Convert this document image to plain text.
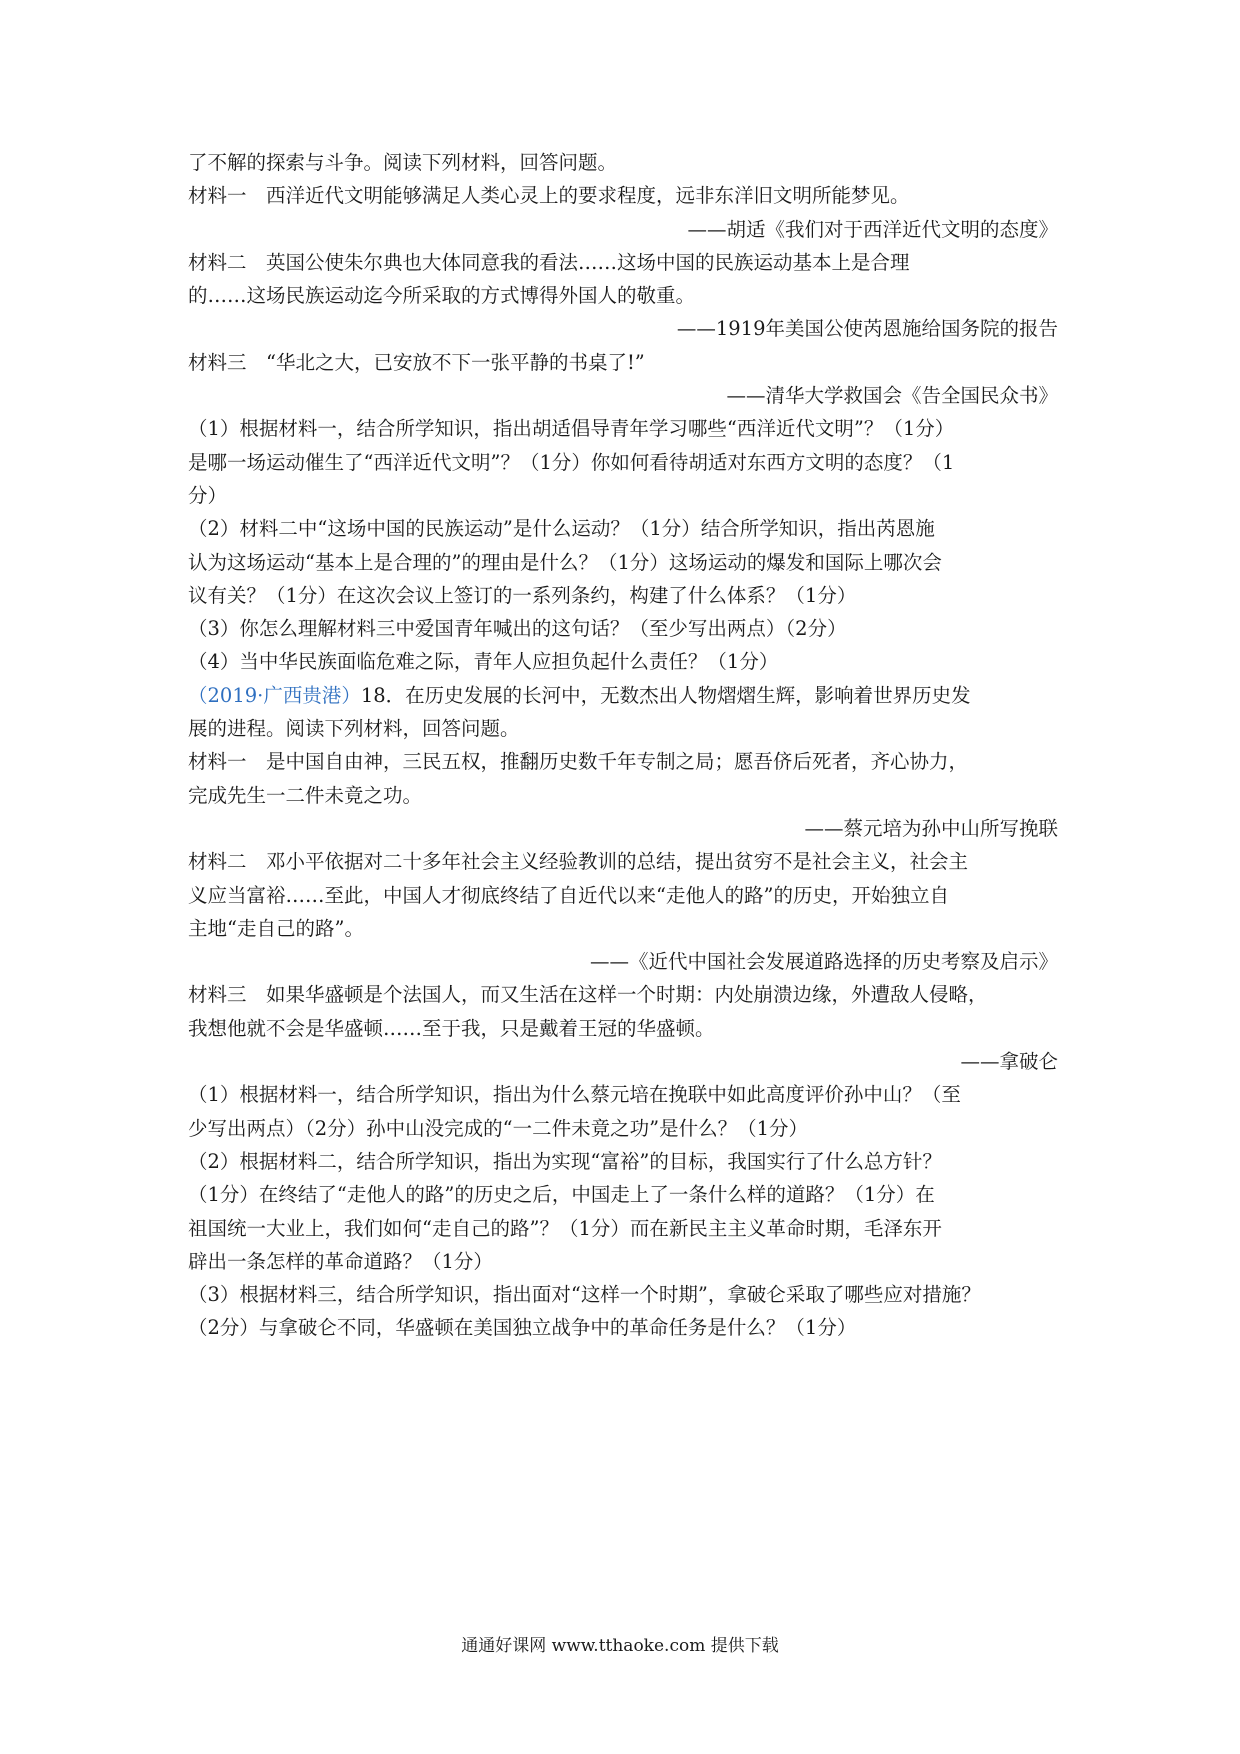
了不解的探索与斗争。阅读下列材料，回答问题。

材料一　西洋近代文明能够满足人类心灵上的要求程度，远非东洋旧文明所能梦见。

——胡适《我们对于西洋近代文明的态度》

材料二　英国公使朱尔典也大体同意我的看法……这场中国的民族运动基本上是合理

的……这场民族运动迄今所采取的方式博得外国人的敬重。

——1919年美国公使芮恩施给国务院的报告

材料三　“华北之大，已安放不下一张平静的书桌了!”

——清华大学救国会《告全国民众书》

（1）根据材料一，结合所学知识，指出胡适倡导青年学习哪些“西洋近代文明”？（1分）

是哪一场运动催生了“西洋近代文明”？（1分）你如何看待胡适对东西方文明的态度？（1

分）

（2）材料二中“这场中国的民族运动”是什么运动？（1分）结合所学知识，指出芮恩施

认为这场运动“基本上是合理的”的理由是什么？（1分）这场运动的爆发和国际上哪次会

议有关？（1分）在这次会议上签订的一系列条约，构建了什么体系？（1分）

（3）你怎么理解材料三中爱国青年喊出的这句话？（至少写出两点）（2分）

（4）当中华民族面临危难之际，青年人应担负起什么责任？（1分）

（2019·广西贵港）18．在历史发展的长河中，无数杰出人物熠熠生辉，影响着世界历史发

展的进程。阅读下列材料，回答问题。

材料一　是中国自由神，三民五权，推翻历史数千年专制之局；愿吾侪后死者，齐心协力，

完成先生一二件未竟之功。

——蔡元培为孙中山所写挽联

材料二　邓小平依据对二十多年社会主义经验教训的总结，提出贫穷不是社会主义，社会主

义应当富裕……至此，中国人才彻底终结了自近代以来“走他人的路”的历史，开始独立自

主地“走自己的路”。

——《近代中国社会发展道路选择的历史考察及启示》

材料三　如果华盛顿是个法国人，而又生活在这样一个时期：内处崩溃边缘，外遭敌人侵略，

我想他就不会是华盛顿……至于我，只是戴着王冠的华盛顿。

——拿破仑

（1）根据材料一，结合所学知识，指出为什么蔡元培在挽联中如此高度评价孙中山？（至

少写出两点）（2分）孙中山没完成的“一二件未竟之功”是什么？（1分）

（2）根据材料二，结合所学知识，指出为实现“富裕”的目标，我国实行了什么总方针？

（1分）在终结了“走他人的路”的历史之后，中国走上了一条什么样的道路？（1分）在

祖国统一大业上，我们如何“走自己的路”？（1分）而在新民主主义革命时期，毛泽东开

辟出一条怎样的革命道路？（1分）

（3）根据材料三，结合所学知识，指出面对“这样一个时期”，拿破仑采取了哪些应对措施？

（2分）与拿破仑不同，华盛顿在美国独立战争中的革命任务是什么？（1分）

通通好课网 www.tthaoke.com 提供下载
